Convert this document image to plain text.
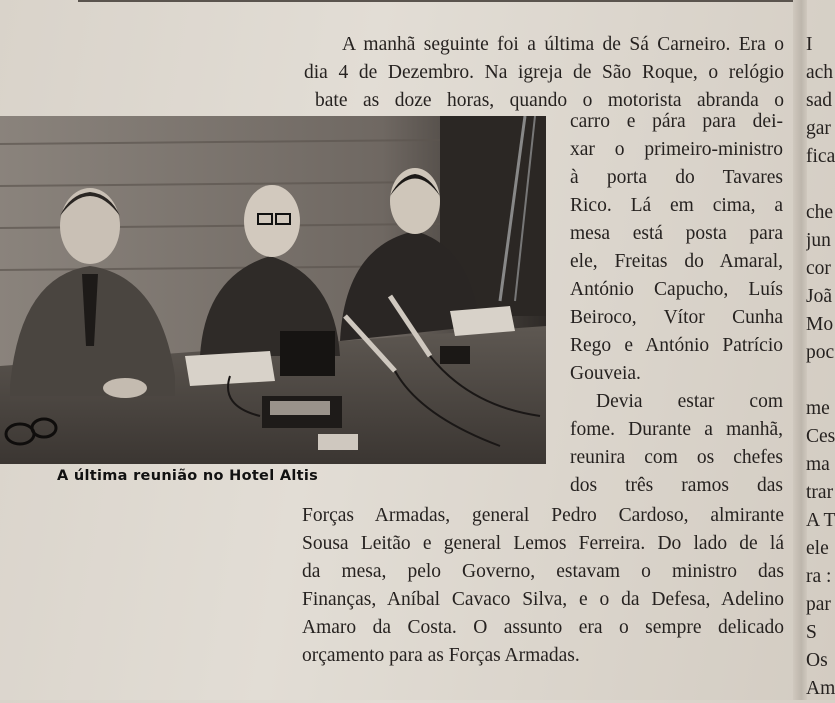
A manhã seguinte foi a última de Sá Carneiro. Era o
dia 4 de Dezembro. Na igreja de São Roque, o relógio
bate as doze horas, quando o motorista abranda o
carro e pára para dei-
xar o primeiro-ministro
à porta do Tavares
Rico. Lá em cima, a
mesa está posta para
ele, Freitas do Amaral,
António Capucho, Luís
Beiroco, Vítor Cunha
Rego e António Patrício
Gouveia.
Devia estar com
fome. Durante a manhã,
reunira com os chefes
dos três ramos das
Forças Armadas, general Pedro Cardoso, almirante
Sousa Leitão e general Lemos Ferreira. Do lado de lá
da mesa, pelo Governo, estavam o ministro das
Finanças, Aníbal Cavaco Silva, e o da Defesa, Adelino
Amaro da Costa. O assunto era o sempre delicado
orçamento para as Forças Armadas.
A última reunião no Hotel Altis
I
ach
sad
gar
fica
che
jun
cor
Joã
Mo
poc
me
Ces
ma
trar
A T
ele
ra :
par
S
Os
Am
